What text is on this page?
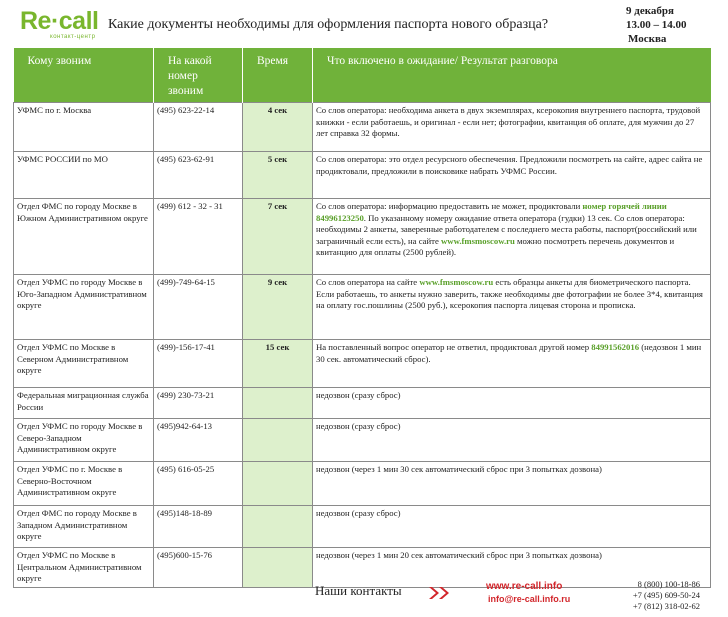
Re·call
контакт-центр
Какие документы необходимы для оформления паспорта нового образца?
9 декабря
13.00 – 14.00
Москва
Кому звоним	На какой номер звоним	Время	Что включено в ожидание/ Результат разговора
УФМС по г. Москва	(495) 623-22-14	4 сек	Со слов оператора: необходима анкета в двух экземплярах, ксерокопия внутреннего паспорта, трудовой книжки - если работаешь, и оригинал - если нет; фотографии, квитанция об оплате, для мужчин до 27 лет справка 32 формы.
УФМС РОССИИ по МО	(495) 623-62-91	5 сек	Со слов оператора: это отдел ресурсного обеспечения. Предложили посмотреть на сайте, адрес сайта не продиктовали, предложили в поисковике набрать УФМС России.
Отдел ФМС по городу Москве в Южном Административном округе	(499) 612 - 32 - 31	7 сек	Со слов оператора: информацию предоставить не может, продиктовали номер горячей линии 84996123250. По указанному номеру ожидание ответа оператора (гудки) 13 сек. Со слов оператора: необходимы 2 анкеты, заверенные работодателем с последнего места работы, паспорт(российский или заграничный если есть), на сайте www.fmsmoscow.ru можно посмотреть перечень документов и квитанцию для оплаты (2500 рублей).
Отдел УФМС по городу Москве в Юго-Западном Административном округе	(499)-749-64-15	9 сек	Со слов оператора на сайте www.fmsmoscow.ru есть образцы анкеты для биометрического паспорта. Если работаешь, то анкеты нужно заверить, также необходимы две фотографии не более 3*4, квитанция на оплату гос.пошлины (2500 руб.), ксерокопия паспорта лицевая сторона и прописка.
Отдел УФМС по Москве в Северном Административном округе	(499)-156-17-41	15 сек	На поставленный вопрос оператор не ответил, продиктовал другой номер 84991562016 (недозвон 1 мин 30 сек. автоматический сброс).
Федеральная миграционная служба России	(499) 230-73-21		недозвон (сразу сброс)
Отдел УФМС по городу Москве в Северо-Западном Административном округе	(495)942-64-13		недозвон (сразу сброс)
Отдел УФМС по г. Москве в Северно-Восточном Административном округе	(495) 616-05-25		недозвон (через 1 мин 30 сек автоматический сброс при 3 попытках дозвона)
Отдел ФМС по городу Москве в Западном Административном округе	(495)148-18-89		недозвон (сразу сброс)
Отдел УФМС по Москве в Центральном Административном округе	(495)600-15-76		недозвон (через 1 мин 20 сек автоматический сброс при 3 попытках дозвона)
Наши контакты	www.re-call.info
info@re-call.info.ru
8 (800) 100-18-86
+7 (495) 609-50-24
+7 (812) 318-02-62
